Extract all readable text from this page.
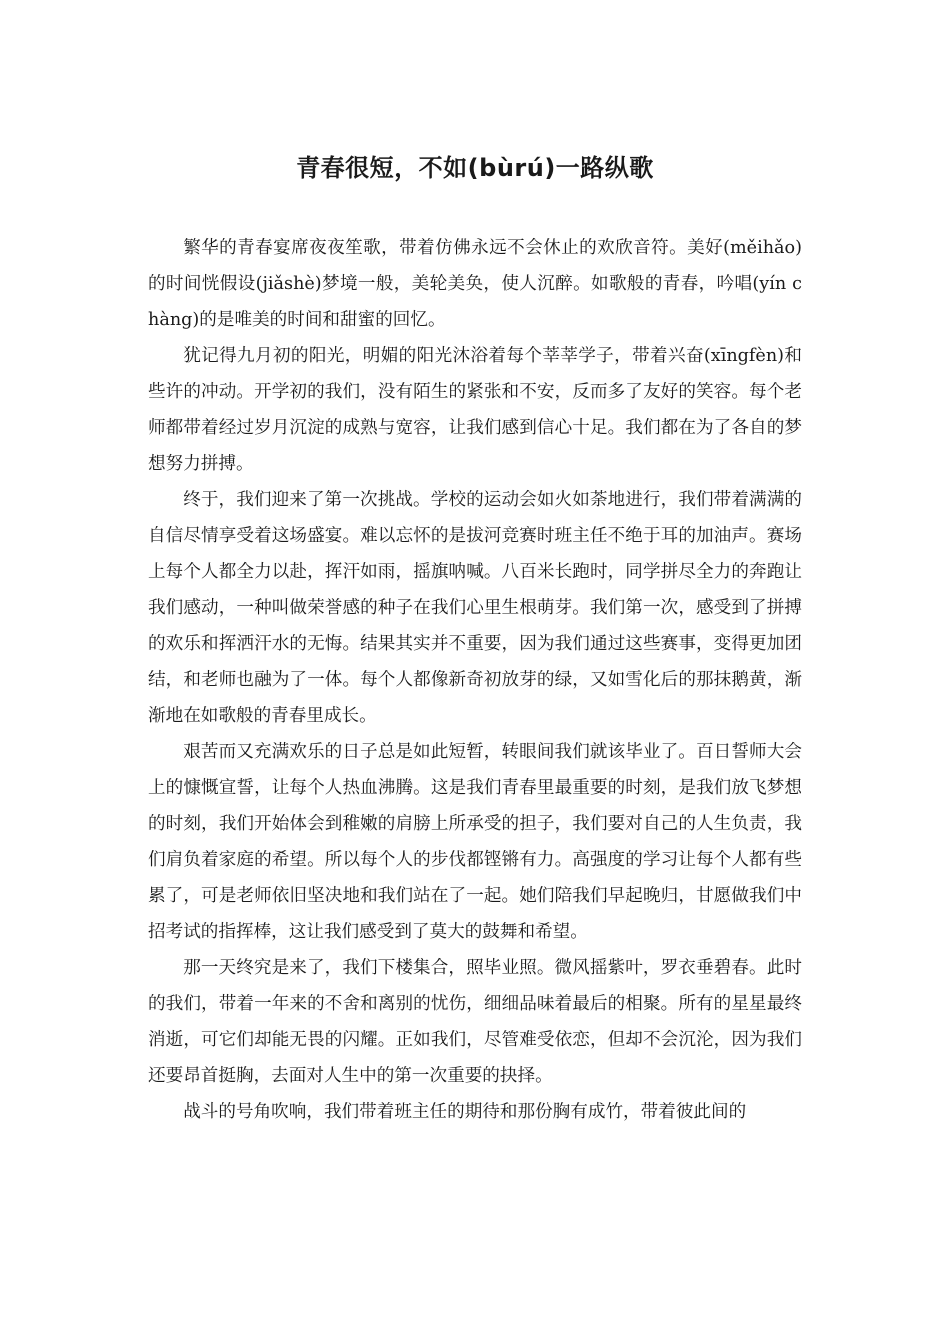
青春很短，不如(bùrú)一路纵歌

繁华的青春宴席夜夜笙歌，带着仿佛永远不会休止的欢欣音符。美好(měihǎo)的时间恍假设(jiǎshè)梦境一般，美轮美奂，使人沉醉。如歌般的青春，吟唱(yín chàng)的是唯美的时间和甜蜜的回忆。

犹记得九月初的阳光，明媚的阳光沐浴着每个莘莘学子，带着兴奋(xīngfèn)和些许的冲动。开学初的我们，没有陌生的紧张和不安，反而多了友好的笑容。每个老师都带着经过岁月沉淀的成熟与宽容，让我们感到信心十足。我们都在为了各自的梦想努力拼搏。

终于，我们迎来了第一次挑战。学校的运动会如火如荼地进行，我们带着满满的自信尽情享受着这场盛宴。难以忘怀的是拔河竞赛时班主任不绝于耳的加油声。赛场上每个人都全力以赴，挥汗如雨，摇旗呐喊。八百米长跑时，同学拼尽全力的奔跑让我们感动，一种叫做荣誉感的种子在我们心里生根萌芽。我们第一次，感受到了拼搏的欢乐和挥洒汗水的无悔。结果其实并不重要，因为我们通过这些赛事，变得更加团结，和老师也融为了一体。每个人都像新奇初放芽的绿，又如雪化后的那抹鹅黄，渐渐地在如歌般的青春里成长。

艰苦而又充满欢乐的日子总是如此短暂，转眼间我们就该毕业了。百日誓师大会上的慷慨宣誓，让每个人热血沸腾。这是我们青春里最重要的时刻，是我们放飞梦想的时刻，我们开始体会到稚嫩的肩膀上所承受的担子，我们要对自己的人生负责，我们肩负着家庭的希望。所以每个人的步伐都铿锵有力。高强度的学习让每个人都有些累了，可是老师依旧坚决地和我们站在了一起。她们陪我们早起晚归，甘愿做我们中招考试的指挥棒，这让我们感受到了莫大的鼓舞和希望。

那一天终究是来了，我们下楼集合，照毕业照。微风摇紫叶，罗衣垂碧春。此时的我们，带着一年来的不舍和离别的忧伤，细细品味着最后的相聚。所有的星星最终消逝，可它们却能无畏的闪耀。正如我们，尽管难受依恋，但却不会沉沦，因为我们还要昂首挺胸，去面对人生中的第一次重要的抉择。

战斗的号角吹响，我们带着班主任的期待和那份胸有成竹，带着彼此间的
